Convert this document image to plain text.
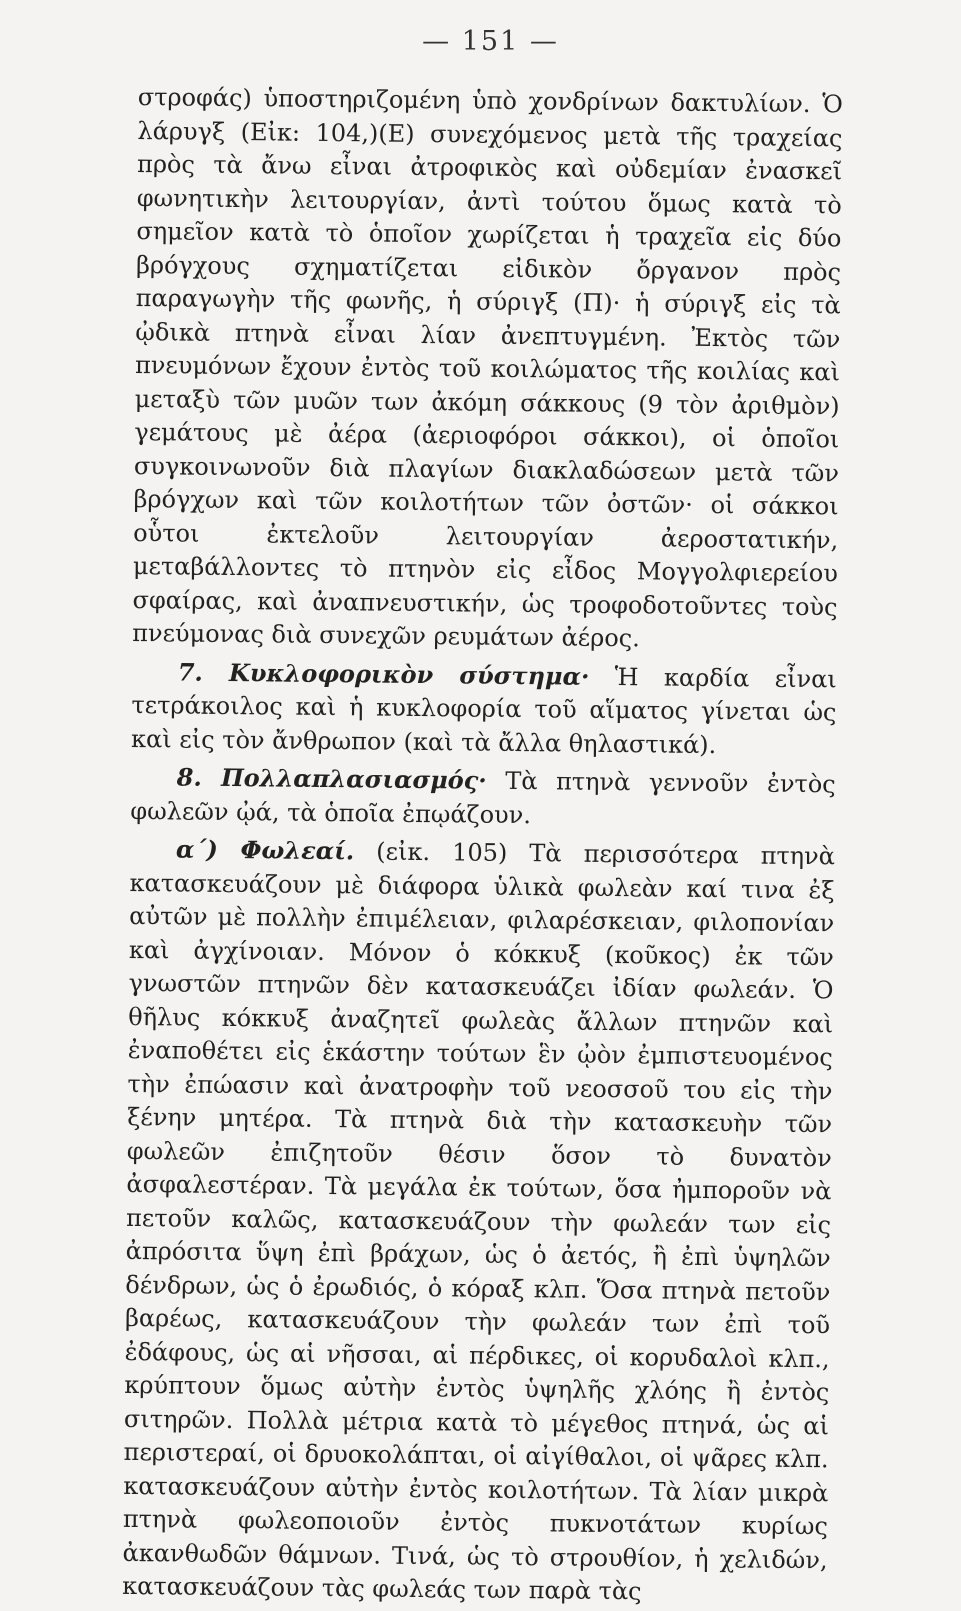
— 151 —

στροφάς) ὑποστηριζομένη ὑπὸ χονδρίνων δακτυλίων. Ὁ λάρυγξ (Εἰκ: 104,)(Ε) συνεχόμενος μετὰ τῆς τραχείας πρὸς τὰ ἄνω εἶναι ἀτροφικὸς καὶ οὐδεμίαν ἐνασκεῖ φωνητικὴν λειτουργίαν, ἀντὶ τούτου ὅμως κατὰ τὸ σημεῖον κατὰ τὸ ὁποῖον χωρίζεται ἡ τραχεῖα εἰς δύο βρόγχους σχηματίζεται εἰδικὸν ὄργανον πρὸς παραγωγὴν τῆς φωνῆς, ἡ σύριγξ (Π)· ἡ σύριγξ εἰς τὰ ᾠδικὰ πτηνὰ εἶναι λίαν ἀνεπτυγμένη. Ἐκτὸς τῶν πνευμόνων ἔχουν ἐντὸς τοῦ κοιλώματος τῆς κοιλίας καὶ μεταξὺ τῶν μυῶν των ἀκόμη σάκκους (9 τὸν ἀριθμὸν) γεμάτους μὲ ἀέρα (ἀεριοφόροι σάκκοι), οἱ ὁποῖοι συγκοινωνοῦν διὰ πλαγίων διακλαδώσεων μετὰ τῶν βρόγχων καὶ τῶν κοιλοτήτων τῶν ὀστῶν· οἱ σάκκοι οὗτοι ἐκτελοῦν λειτουργίαν ἀεροστατικήν, μεταβάλλοντες τὸ πτηνὸν εἰς εἶδος Μογγολφιερείου σφαίρας, καὶ ἀναπνευστικήν, ὡς τροφοδοτοῦντες τοὺς πνεύμονας διὰ συνεχῶν ρευμάτων ἀέρος.

7. Κυκλοφορικὸν σύστημα· Ἡ καρδία εἶναι τετράκοιλος καὶ ἡ κυκλοφορία τοῦ αἵματος γίνεται ὡς καὶ εἰς τὸν ἄνθρωπον (καὶ τὰ ἄλλα θηλαστικά).

8. Πολλαπλασιασμός· Τὰ πτηνὰ γεννοῦν ἐντὸς φωλεῶν ᾠά, τὰ ὁποῖα ἐπῳάζουν.

α΄) Φωλεαί. (εἰκ. 105) Τὰ περισσότερα πτηνὰ κατασκευάζουν μὲ διάφορα ὑλικὰ φωλεὰν καί τινα ἐξ αὐτῶν μὲ πολλὴν ἐπιμέλειαν, φιλαρέσκειαν, φιλοπονίαν καὶ ἀγχίνοιαν. Μόνον ὁ κόκκυξ (κοῦκος) ἐκ τῶν γνωστῶν πτηνῶν δὲν κατασκευάζει ἰδίαν φωλεάν. Ὁ θῆλυς κόκκυξ ἀναζητεῖ φωλεὰς ἄλλων πτηνῶν καὶ ἐναποθέτει εἰς ἑκάστην τούτων ἓν ᾠὸν ἐμπιστευομένος τὴν ἐπώασιν καὶ ἀνατροφὴν τοῦ νεοσσοῦ του εἰς τὴν ξένην μητέρα. Τὰ πτηνὰ διὰ τὴν κατασκευὴν τῶν φωλεῶν ἐπιζητοῦν θέσιν ὅσον τὸ δυνατὸν ἀσφαλεστέραν. Τὰ μεγάλα ἐκ τούτων, ὅσα ἠμποροῦν νὰ πετοῦν καλῶς, κατασκευάζουν τὴν φωλεάν των εἰς ἀπρόσιτα ὕψη ἐπὶ βράχων, ὡς ὁ ἀετός, ἢ ἐπὶ ὑψηλῶν δένδρων, ὡς ὁ ἐρωδιός, ὁ κόραξ κλπ. Ὅσα πτηνὰ πετοῦν βαρέως, κατασκευάζουν τὴν φωλεάν των ἐπὶ τοῦ ἐδάφους, ὡς αἱ νῆσσαι, αἱ πέρδικες, οἱ κορυδαλοὶ κλπ., κρύπτουν ὅμως αὐτὴν ἐντὸς ὑψηλῆς χλόης ἢ ἐντὸς σιτηρῶν. Πολλὰ μέτρια κατὰ τὸ μέγεθος πτηνά, ὡς αἱ περιστεραί, οἱ δρυοκολάπται, οἱ αἰγίθαλοι, οἱ ψᾶρες κλπ. κατασκευάζουν αὐτὴν ἐντὸς κοιλοτήτων. Τὰ λίαν μικρὰ πτηνὰ φωλεοποιοῦν ἐντὸς πυκνοτάτων κυρίως ἀκανθωδῶν θάμνων. Τινά, ὡς τὸ στρουθίον, ἡ χελιδών, κατασκευάζουν τὰς φωλεάς των παρὰ τὰς
